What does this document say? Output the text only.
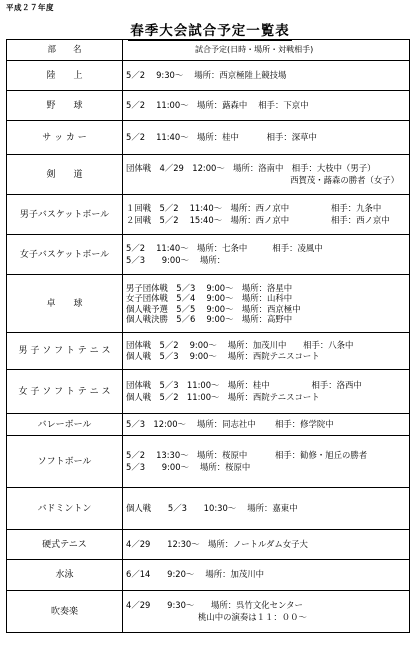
平成２７年度
春季大会試合予定一覧表
部　　名	試合予定(日時・場所・対戦相手)
陸　　上	5／2　 9:30～　 場所：西京極陸上競技場

野　　球	5／2　 11:00～　場所：蕗森中　 相手：下京中

サ ッ カ ー	5／2　 11:40～　場所：桂中　　　 相手：深草中

剣　　道	団体戦　4／29　12:00～　場所：洛南中　相手：大枝中（男子）
西賀茂・蕗森の勝者（女子）

男子バスケットボール	１回戦　5／2　 11:40～　場所：西ノ京中　　　　　相手：九条中
２回戦　5／2　 15:40～　場所：西ノ京中　　　　　相手：西ノ京中

女子バスケットボール	5／2　 11:40～　場所：七条中　　　相手：凌風中
5／3　　9:00～　 場所：

卓　　球	男子団体戦　5／3　 9:00～　場所：洛星中
女子団体戦　5／4　 9:00～　場所：山科中
個人戦予選　5／5　 9:00～　場所：西京極中
個人戦決勝　5／6　 9:00～　場所：高野中

男 子 ソ フ ト テ ニ ス	団体戦　5／2　 9:00～　 場所：加茂川中　　相手：八条中
個人戦　5／3　 9:00～　 場所：西院テニスコート

女 子 ソ フ ト テ ニ ス	団体戦　5／3　11:00～　場所：桂中　　　　　相手：洛西中
個人戦　5／2　11:00～　場所：西院テニスコート

バレーボール	5／3　12:00～　 場所：同志社中　　 相手：修学院中

ソフトボール	5／2　 13:30～　場所：桜原中　　　 相手：勧修・旭丘の勝者
5／3　　9:00～　 場所：桜原中

バドミントン	個人戦　　5／3　　10:30～　 場所：嘉東中

硬式テニス	4／29　　12:30～　場所：ノートルダム女子大

水泳	6／14　　9:20～　 場所：加茂川中

吹奏楽	4／29　　9:30～　　場所：呉竹文化センター
桃山中の演奏は１１：００～
